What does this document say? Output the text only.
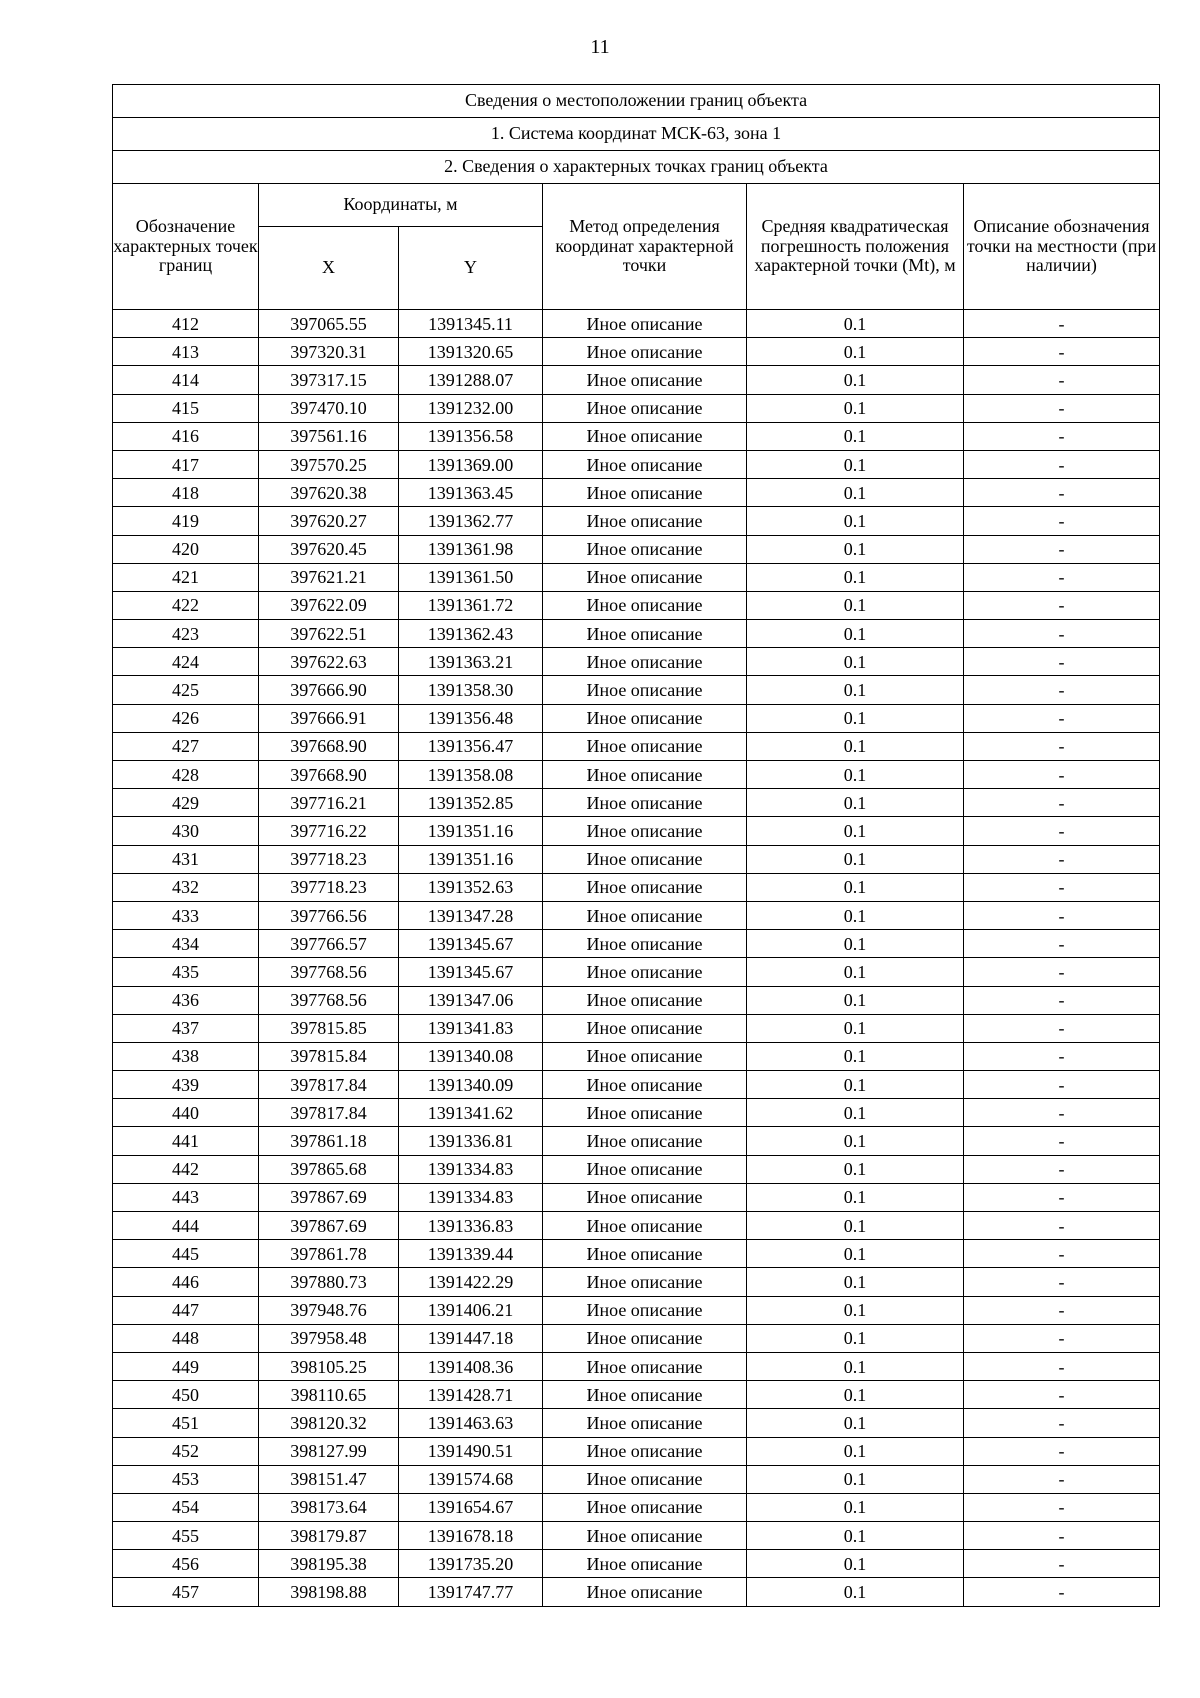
11
Сведения о местоположении границ объекта					
1. Система координат МСК-63, зона 1					
2. Сведения о характерных точках границ объекта					
Обозначение характерных точек границ	Координаты, м		Метод определения координат характерной точки	Средняя квадратическая погрешность положения характерной точки (Mt), м	Описание обозначения точки на местности (при наличии)
	X	Y			
412	397065.55	1391345.11	Иное описание	0.1	-
413	397320.31	1391320.65	Иное описание	0.1	-
414	397317.15	1391288.07	Иное описание	0.1	-
415	397470.10	1391232.00	Иное описание	0.1	-
416	397561.16	1391356.58	Иное описание	0.1	-
417	397570.25	1391369.00	Иное описание	0.1	-
418	397620.38	1391363.45	Иное описание	0.1	-
419	397620.27	1391362.77	Иное описание	0.1	-
420	397620.45	1391361.98	Иное описание	0.1	-
421	397621.21	1391361.50	Иное описание	0.1	-
422	397622.09	1391361.72	Иное описание	0.1	-
423	397622.51	1391362.43	Иное описание	0.1	-
424	397622.63	1391363.21	Иное описание	0.1	-
425	397666.90	1391358.30	Иное описание	0.1	-
426	397666.91	1391356.48	Иное описание	0.1	-
427	397668.90	1391356.47	Иное описание	0.1	-
428	397668.90	1391358.08	Иное описание	0.1	-
429	397716.21	1391352.85	Иное описание	0.1	-
430	397716.22	1391351.16	Иное описание	0.1	-
431	397718.23	1391351.16	Иное описание	0.1	-
432	397718.23	1391352.63	Иное описание	0.1	-
433	397766.56	1391347.28	Иное описание	0.1	-
434	397766.57	1391345.67	Иное описание	0.1	-
435	397768.56	1391345.67	Иное описание	0.1	-
436	397768.56	1391347.06	Иное описание	0.1	-
437	397815.85	1391341.83	Иное описание	0.1	-
438	397815.84	1391340.08	Иное описание	0.1	-
439	397817.84	1391340.09	Иное описание	0.1	-
440	397817.84	1391341.62	Иное описание	0.1	-
441	397861.18	1391336.81	Иное описание	0.1	-
442	397865.68	1391334.83	Иное описание	0.1	-
443	397867.69	1391334.83	Иное описание	0.1	-
444	397867.69	1391336.83	Иное описание	0.1	-
445	397861.78	1391339.44	Иное описание	0.1	-
446	397880.73	1391422.29	Иное описание	0.1	-
447	397948.76	1391406.21	Иное описание	0.1	-
448	397958.48	1391447.18	Иное описание	0.1	-
449	398105.25	1391408.36	Иное описание	0.1	-
450	398110.65	1391428.71	Иное описание	0.1	-
451	398120.32	1391463.63	Иное описание	0.1	-
452	398127.99	1391490.51	Иное описание	0.1	-
453	398151.47	1391574.68	Иное описание	0.1	-
454	398173.64	1391654.67	Иное описание	0.1	-
455	398179.87	1391678.18	Иное описание	0.1	-
456	398195.38	1391735.20	Иное описание	0.1	-
457	398198.88	1391747.77	Иное описание	0.1	-
